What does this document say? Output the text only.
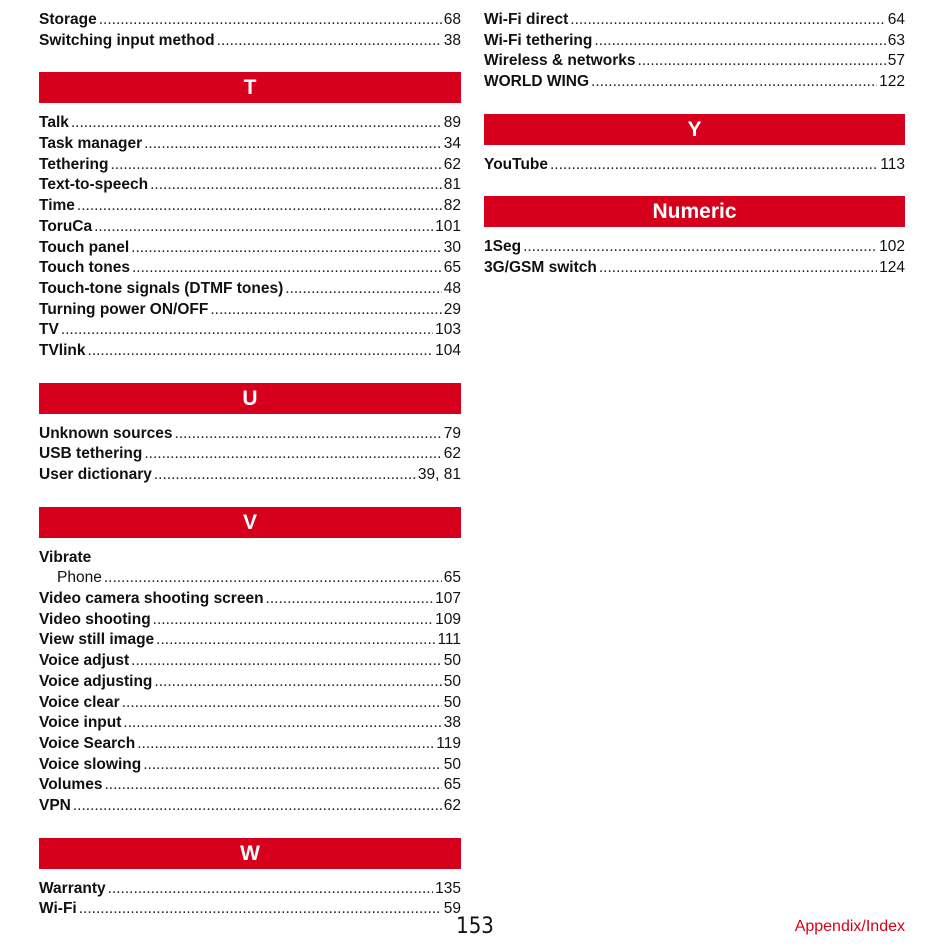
Storage .....	68
Switching input method .....	38
T
Talk .....	89
Task manager .....	34
Tethering .....	62
Text-to-speech .....	81
Time .....	82
ToruCa .....	101
Touch panel .....	30
Touch tones .....	65
Touch-tone signals (DTMF tones) .....	48
Turning power ON/OFF .....	29
TV .....	103
TVlink .....	104
U
Unknown sources .....	79
USB tethering .....	62
User dictionary .....	39, 81
V
Vibrate
Phone .....	65
Video camera shooting screen .....	107
Video shooting .....	109
View still image .....	111
Voice adjust .....	50
Voice adjusting .....	50
Voice clear .....	50
Voice input .....	38
Voice Search .....	119
Voice slowing .....	50
Volumes .....	65
VPN .....	62
W
Warranty .....	135
Wi-Fi .....	59
Wi-Fi direct .....	64
Wi-Fi tethering .....	63
Wireless & networks .....	57
WORLD WING .....	122
Y
YouTube .....	113
Numeric
1Seg .....	102
3G/GSM switch .....	124
153	Appendix/Index
